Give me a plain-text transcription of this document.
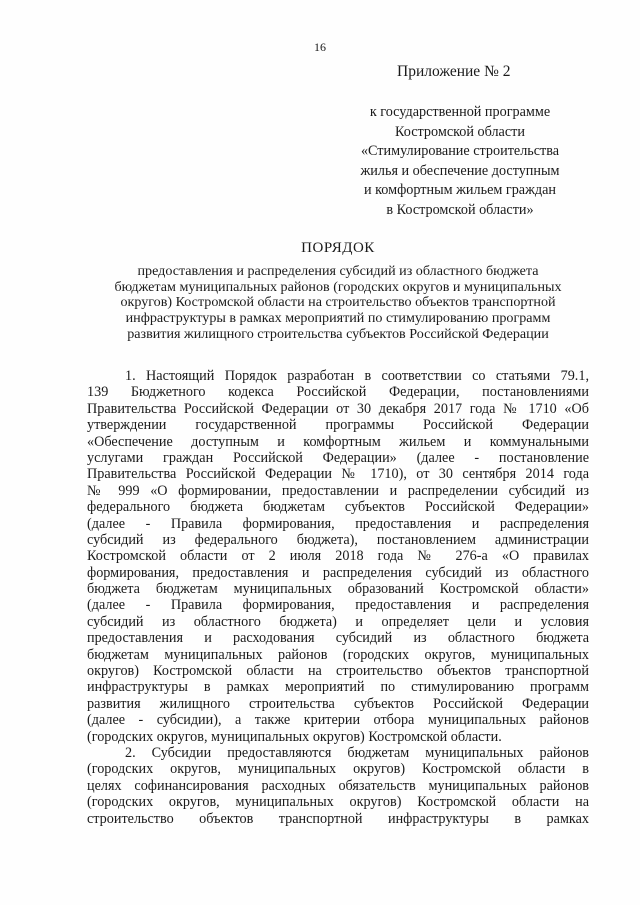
16
Приложение № 2
к государственной программе
Костромской области
«Стимулирование строительства
жилья и обеспечение доступным
и комфортным жильем граждан
в Костромской области»
ПОРЯДОК
предоставления и распределения субсидий из областного бюджета
бюджетам муниципальных районов (городских округов и муниципальных
округов) Костромской области на строительство объектов транспортной
инфраструктуры в рамках мероприятий по стимулированию программ
развития жилищного строительства субъектов Российской Федерации
1. Настоящий Порядок разработан в соответствии со статьями 79.1,
139 Бюджетного кодекса Российской Федерации, постановлениями
Правительства Российской Федерации от 30 декабря 2017 года № 1710 «Об
утверждении государственной программы Российской Федерации
«Обеспечение доступным и комфортным жильем и коммунальными
услугами граждан Российской Федерации» (далее - постановление
Правительства Российской Федерации № 1710), от 30 сентября 2014 года
№ 999 «О формировании, предоставлении и распределении субсидий из
федерального бюджета бюджетам субъектов Российской Федерации»
(далее - Правила формирования, предоставления и распределения
субсидий из федерального бюджета), постановлением администрации
Костромской области от 2 июля 2018 года № 276-а «О правилах
формирования, предоставления и распределения субсидий из областного
бюджета бюджетам муниципальных образований Костромской области»
(далее - Правила формирования, предоставления и распределения
субсидий из областного бюджета) и определяет цели и условия
предоставления и расходования субсидий из областного бюджета
бюджетам муниципальных районов (городских округов, муниципальных
округов) Костромской области на строительство объектов транспортной
инфраструктуры в рамках мероприятий по стимулированию программ
развития жилищного строительства субъектов Российской Федерации
(далее - субсидии), а также критерии отбора муниципальных районов
(городских округов, муниципальных округов) Костромской области.
2. Субсидии предоставляются бюджетам муниципальных районов
(городских округов, муниципальных округов) Костромской области в
целях софинансирования расходных обязательств муниципальных районов
(городских округов, муниципальных округов) Костромской области на
строительство объектов транспортной инфраструктуры в рамках
